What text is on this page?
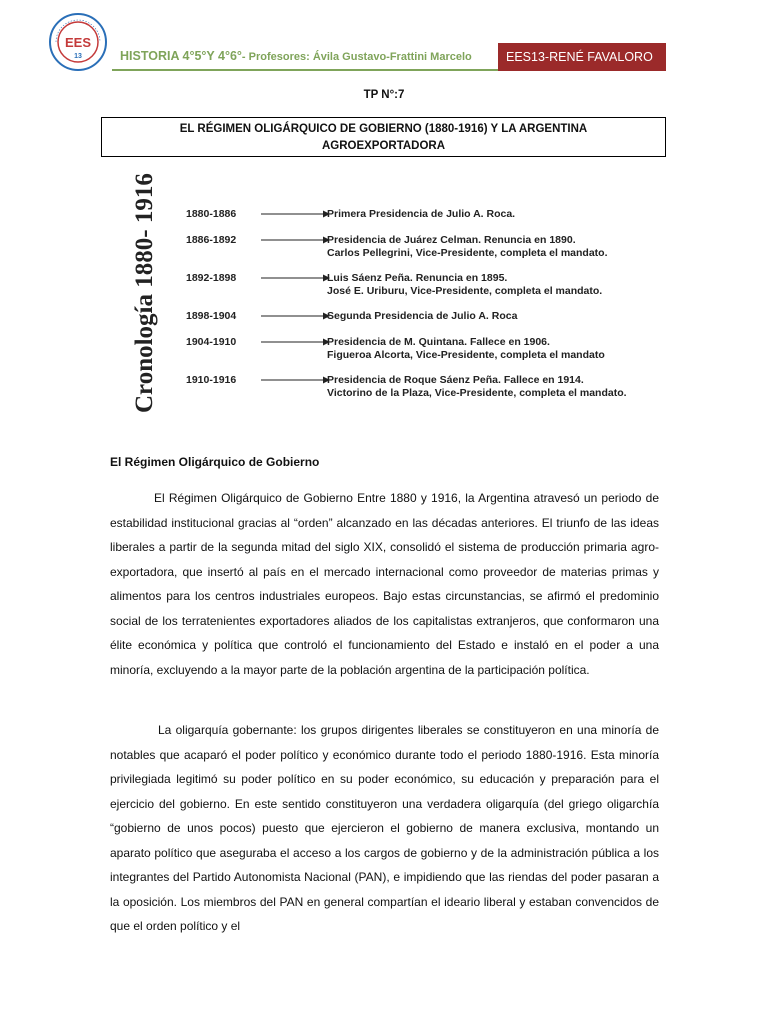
EES
13	HISTORIA 4°5°Y 4°6°- Profesores: Ávila Gustavo-Frattini Marcelo	EES13-RENÉ FAVALORO
TP N°:7
EL RÉGIMEN OLIGÁRQUICO DE GOBIERNO (1880-1916) Y LA ARGENTINA
AGROEXPORTADORA
Cronología 1880- 1916	1880-1886	Primera Presidencia de Julio A. Roca.
1886-1892	Presidencia de Juárez Celman. Renuncia en 1890.
Carlos Pellegrini, Vice-Presidente, completa el mandato.
1892-1898	Luis Sáenz Peña. Renuncia en 1895.
José E. Uriburu, Vice-Presidente, completa el mandato.
1898-1904	Segunda Presidencia de Julio A. Roca
1904-1910	Presidencia de M. Quintana. Fallece en 1906.
Figueroa Alcorta, Vice-Presidente, completa el mandato
1910-1916	Presidencia de Roque Sáenz Peña. Fallece en 1914.
Victorino de la Plaza, Vice-Presidente, completa el mandato.
El Régimen Oligárquico de Gobierno

El Régimen Oligárquico de Gobierno Entre 1880 y 1916, la Argentina atravesó un periodo de estabilidad institucional gracias al “orden” alcanzado en las décadas anteriores. El triunfo de las ideas liberales a partir de la segunda mitad del siglo XIX, consolidó el sistema de producción primaria agro-exportadora, que insertó al país en el mercado internacional como proveedor de materias primas y alimentos para los centros industriales europeos. Bajo estas circunstancias, se afirmó el predominio social de los terratenientes exportadores aliados de los capitalistas extranjeros, que conformaron una élite económica y política que controló el funcionamiento del Estado e instaló en el poder a una minoría, excluyendo a la mayor parte de la población argentina de la participación política.

La oligarquía gobernante: los grupos dirigentes liberales se constituyeron en una minoría de notables que acaparó el poder político y económico durante todo el periodo 1880-1916. Esta minoría privilegiada legitimó su poder político en su poder económico, su educación y preparación para el ejercicio del gobierno. En este sentido constituyeron una verdadera oligarquía (del griego oligarchía “gobierno de unos pocos) puesto que ejercieron el gobierno de manera exclusiva, montando un aparato político que aseguraba el acceso a los cargos de gobierno y de la administración pública a los integrantes del Partido Autonomista Nacional (PAN), e impidiendo que las riendas del poder pasaran a la oposición. Los miembros del PAN en general compartían el ideario liberal y estaban convencidos de que el orden político y el
